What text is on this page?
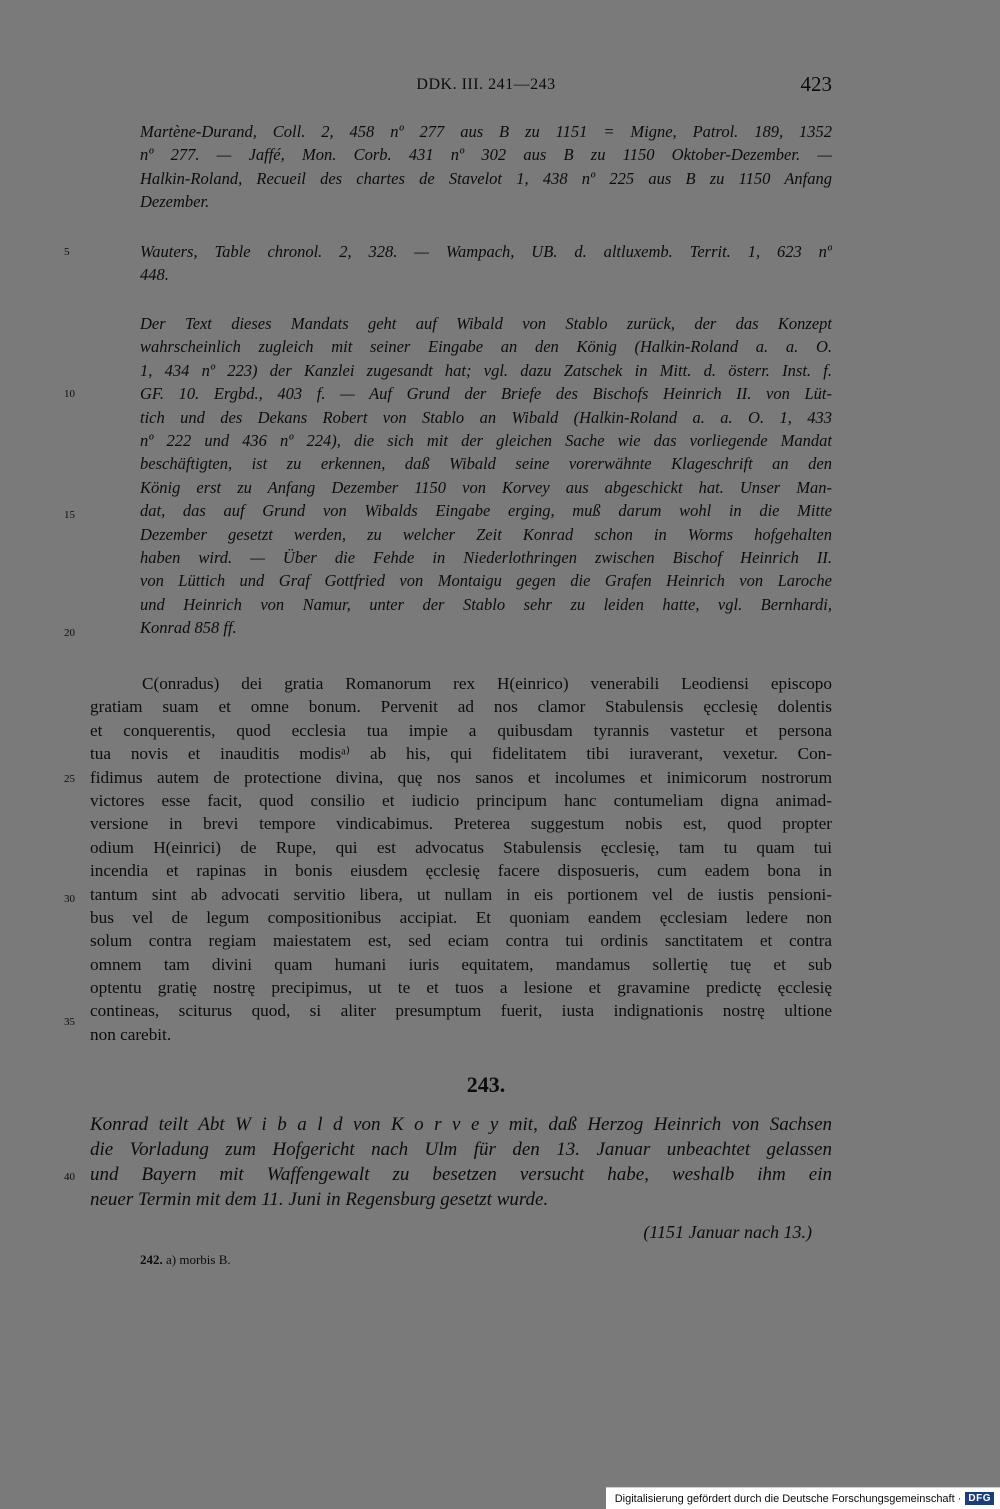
DDK. III. 241—243	423
Martène-Durand, Coll. 2, 458 nº 277 aus B zu 1151 = Migne, Patrol. 189, 1352
nº 277. — Jaffé, Mon. Corb. 431 nº 302 aus B zu 1150 Oktober-Dezember. —
Halkin-Roland, Recueil des chartes de Stavelot 1, 438 nº 225 aus B zu 1150 Anfang
Dezember.
Wauters, Table chronol. 2, 328. — Wampach, UB. d. altluxemb. Territ. 1, 623 nº
448.
Der Text dieses Mandats geht auf Wibald von Stablo zurück, der das Konzept
wahrscheinlich zugleich mit seiner Eingabe an den König (Halkin-Roland a. a. O.
1, 434 nº 223) der Kanzlei zugesandt hat; vgl. dazu Zatschek in Mitt. d. österr. Inst. f.
GF. 10. Ergbd., 403 f. — Auf Grund der Briefe des Bischofs Heinrich II. von Lüt-
tich und des Dekans Robert von Stablo an Wibald (Halkin-Roland a. a. O. 1, 433
nº 222 und 436 nº 224), die sich mit der gleichen Sache wie das vorliegende Mandat
beschäftigten, ist zu erkennen, daß Wibald seine vorerwähnte Klageschrift an den
König erst zu Anfang Dezember 1150 von Korvey aus abgeschickt hat. Unser Man-
dat, das auf Grund von Wibalds Eingabe erging, muß darum wohl in die Mitte
Dezember gesetzt werden, zu welcher Zeit Konrad schon in Worms hofgehalten
haben wird. — Über die Fehde in Niederlothringen zwischen Bischof Heinrich II.
von Lüttich und Graf Gottfried von Montaigu gegen die Grafen Heinrich von Laroche
und Heinrich von Namur, unter der Stablo sehr zu leiden hatte, vgl. Bernhardi,
Konrad 858 ff.
C(onradus) dei gratia Romanorum rex H(einrico) venerabili Leodiensi episcopo
gratiam suam et omne bonum. Pervenit ad nos clamor Stabulensis ęcclesię dolentis
et conquerentis, quod ecclesia tua impie a quibusdam tyrannis vastetur et persona
tua novis et inauditis modisᵃ⁾ ab his, qui fidelitatem tibi iuraverant, vexetur. Con-
fidimus autem de protectione divina, quę nos sanos et incolumes et inimicorum nostrorum
victores esse facit, quod consilio et iudicio principum hanc contumeliam digna animad-
versione in brevi tempore vindicabimus. Preterea suggestum nobis est, quod propter
odium H(einrici) de Rupe, qui est advocatus Stabulensis ęcclesię, tam tu quam tui
incendia et rapinas in bonis eiusdem ęcclesię facere disposueris, cum eadem bona in
tantum sint ab advocati servitio libera, ut nullam in eis portionem vel de iustis pensioni-
bus vel de legum compositionibus accipiat. Et quoniam eandem ęcclesiam ledere non
solum contra regiam maiestatem est, sed eciam contra tui ordinis sanctitatem et contra
omnem tam divini quam humani iuris equitatem, mandamus sollertię tuę et sub
optentu gratię nostrę precipimus, ut te et tuos a lesione et gravamine predictę ęcclesię
contineas, sciturus quod, si aliter presumptum fuerit, iusta indignationis nostrę ultione
non carebit.
243.
Konrad teilt Abt W i b a l d von K o r v e y mit, daß Herzog Heinrich von Sachsen
die Vorladung zum Hofgericht nach Ulm für den 13. Januar unbeachtet gelassen
und Bayern mit Waffengewalt zu besetzen versucht habe, weshalb ihm ein
neuer Termin mit dem 11. Juni in Regensburg gesetzt wurde.
(1151 Januar nach 13.)
242. a) morbis B.
5
10
15
20
25
30
35
40
Digitalisierung gefördert durch die Deutsche Forschungsgemeinschaft · DFG
